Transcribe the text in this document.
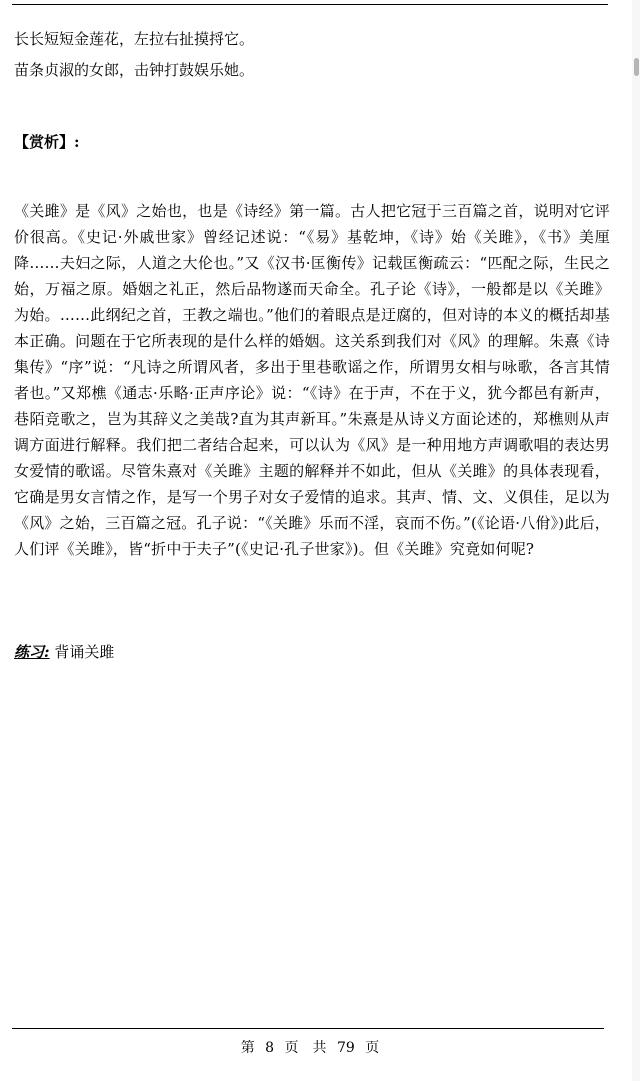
长长短短金莲花，左拉右扯摸捋它。
苗条贞淑的女郎，击钟打鼓娱乐她。
【赏析】:
《关雎》是《风》之始也，也是《诗经》第一篇。古人把它冠于三百篇之首，说明对它评价很高。《史记·外戚世家》曾经记述说：“《易》基乾坤，《诗》始《关雎》，《书》美厘降……夫妇之际，人道之大伦也。”又《汉书·匡衡传》记载匡衡疏云：“匹配之际，生民之始，万福之原。婚姻之礼正，然后品物遂而天命全。孔子论《诗》，一般都是以《关雎》为始。……此纲纪之首，王教之端也。”他们的着眼点是迂腐的，但对诗的本义的概括却基本正确。问题在于它所表现的是什么样的婚姻。这关系到我们对《风》的理解。朱熹《诗集传》“序”说：“凡诗之所谓风者，多出于里巷歌谣之作，所谓男女相与咏歌，各言其情者也。”又郑樵《通志·乐略·正声序论》说：“《诗》在于声，不在于义，犹今都邑有新声，巷陌竞歌之，岂为其辞义之美哉?直为其声新耳。”朱熹是从诗义方面论述的，郑樵则从声调方面进行解释。我们把二者结合起来，可以认为《风》是一种用地方声调歌唱的表达男女爱情的歌谣。尽管朱熹对《关雎》主题的解释并不如此，但从《关雎》的具体表现看，它确是男女言情之作，是写一个男子对女子爱情的追求。其声、情、文、义俱佳，足以为《风》之始，三百篇之冠。孔子说：“《关雎》乐而不淫，哀而不伤。”(《论语·八佾》)此后，人们评《关雎》，皆“折中于夫子”(《史记·孔子世家》)。但《关雎》究竟如何呢?
练习: 背诵关雎
第 8 页　共 79 页
